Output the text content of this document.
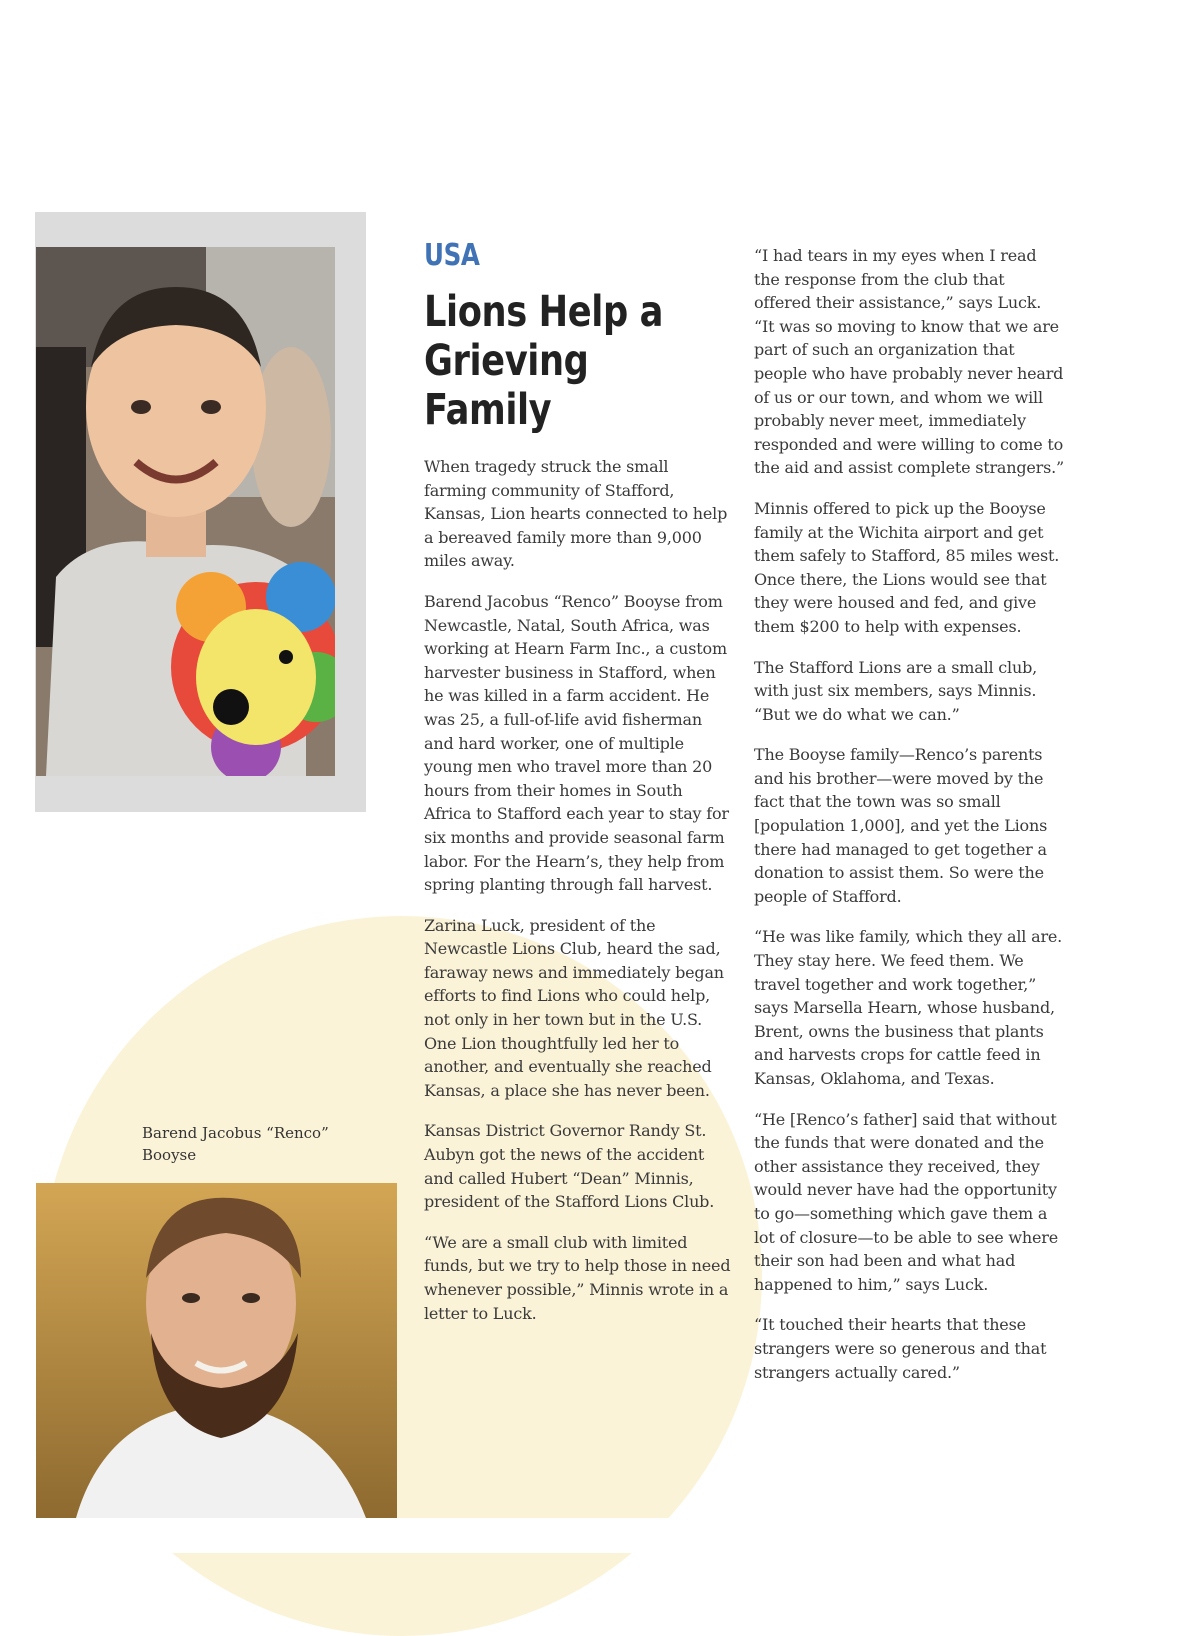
Barend Jacobus “Renco” Booyse
USA
Lions Help a Grieving Family

When tragedy struck the small farming community of Stafford, Kansas, Lion hearts connected to help a bereaved family more than 9,000 miles away.

Barend Jacobus “Renco” Booyse from Newcastle, Natal, South Africa, was working at Hearn Farm Inc., a custom harvester business in Stafford, when he was killed in a farm accident. He was 25, a full-of-life avid fisherman and hard worker, one of multiple young men who travel more than 20 hours from their homes in South Africa to Stafford each year to stay for six months and provide seasonal farm labor. For the Hearn’s, they help from spring planting through fall harvest.

Zarina Luck, president of the Newcastle Lions Club, heard the sad, faraway news and immediately began efforts to find Lions who could help, not only in her town but in the U.S. One Lion thoughtfully led her to another, and eventually she reached Kansas, a place she has never been.

Kansas District Governor Randy St. Aubyn got the news of the accident and called Hubert “Dean” Minnis, president of the Stafford Lions Club.

“We are a small club with limited funds, but we try to help those in need whenever possible,” Minnis wrote in a letter to Luck.

“I had tears in my eyes when I read the response from the club that offered their assistance,” says Luck. “It was so moving to know that we are part of such an organization that people who have probably never heard of us or our town, and whom we will probably never meet, immediately responded and were willing to come to the aid and assist complete strangers.”

Minnis offered to pick up the Booyse family at the Wichita airport and get them safely to Stafford, 85 miles west. Once there, the Lions would see that they were housed and fed, and give them $200 to help with expenses.

The Stafford Lions are a small club, with just six members, says Minnis. “But we do what we can.”

The Booyse family—Renco’s parents and his brother—were moved by the fact that the town was so small [population 1,000], and yet the Lions there had managed to get together a donation to assist them. So were the people of Stafford.

“He was like family, which they all are. They stay here. We feed them. We travel together and work together,” says Marsella Hearn, whose husband, Brent, owns the business that plants and harvests crops for cattle feed in Kansas, Oklahoma, and Texas.

“He [Renco’s father] said that without the funds that were donated and the other assistance they received, they would never have had the opportunity to go—something which gave them a lot of closure—to be able to see where their son had been and what had happened to him,” says Luck.

“It touched their hearts that these strangers were so generous and that strangers actually cared.”
